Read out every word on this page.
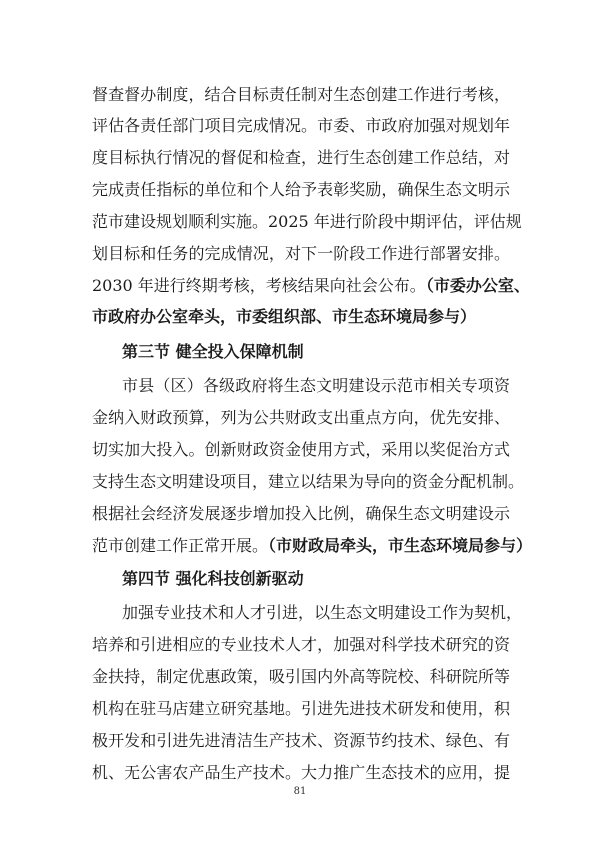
督查督办制度，结合目标责任制对生态创建工作进行考核，
评估各责任部门项目完成情况。市委、市政府加强对规划年
度目标执行情况的督促和检查，进行生态创建工作总结，对
完成责任指标的单位和个人给予表彰奖励，确保生态文明示
范市建设规划顺利实施。2025 年进行阶段中期评估，评估规
划目标和任务的完成情况，对下一阶段工作进行部署安排。
2030 年进行终期考核，考核结果向社会公布。（市委办公室、
市政府办公室牵头，市委组织部、市生态环境局参与）
第三节 健全投入保障机制
市县（区）各级政府将生态文明建设示范市相关专项资
金纳入财政预算，列为公共财政支出重点方向，优先安排、
切实加大投入。创新财政资金使用方式，采用以奖促治方式
支持生态文明建设项目，建立以结果为导向的资金分配机制。
根据社会经济发展逐步增加投入比例，确保生态文明建设示
范市创建工作正常开展。（市财政局牵头，市生态环境局参与）
第四节 强化科技创新驱动
加强专业技术和人才引进，以生态文明建设工作为契机，
培养和引进相应的专业技术人才，加强对科学技术研究的资
金扶持，制定优惠政策，吸引国内外高等院校、科研院所等
机构在驻马店建立研究基地。引进先进技术研发和使用，积
极开发和引进先进清洁生产技术、资源节约技术、绿色、有
机、无公害农产品生产技术。大力推广生态技术的应用，提
81
